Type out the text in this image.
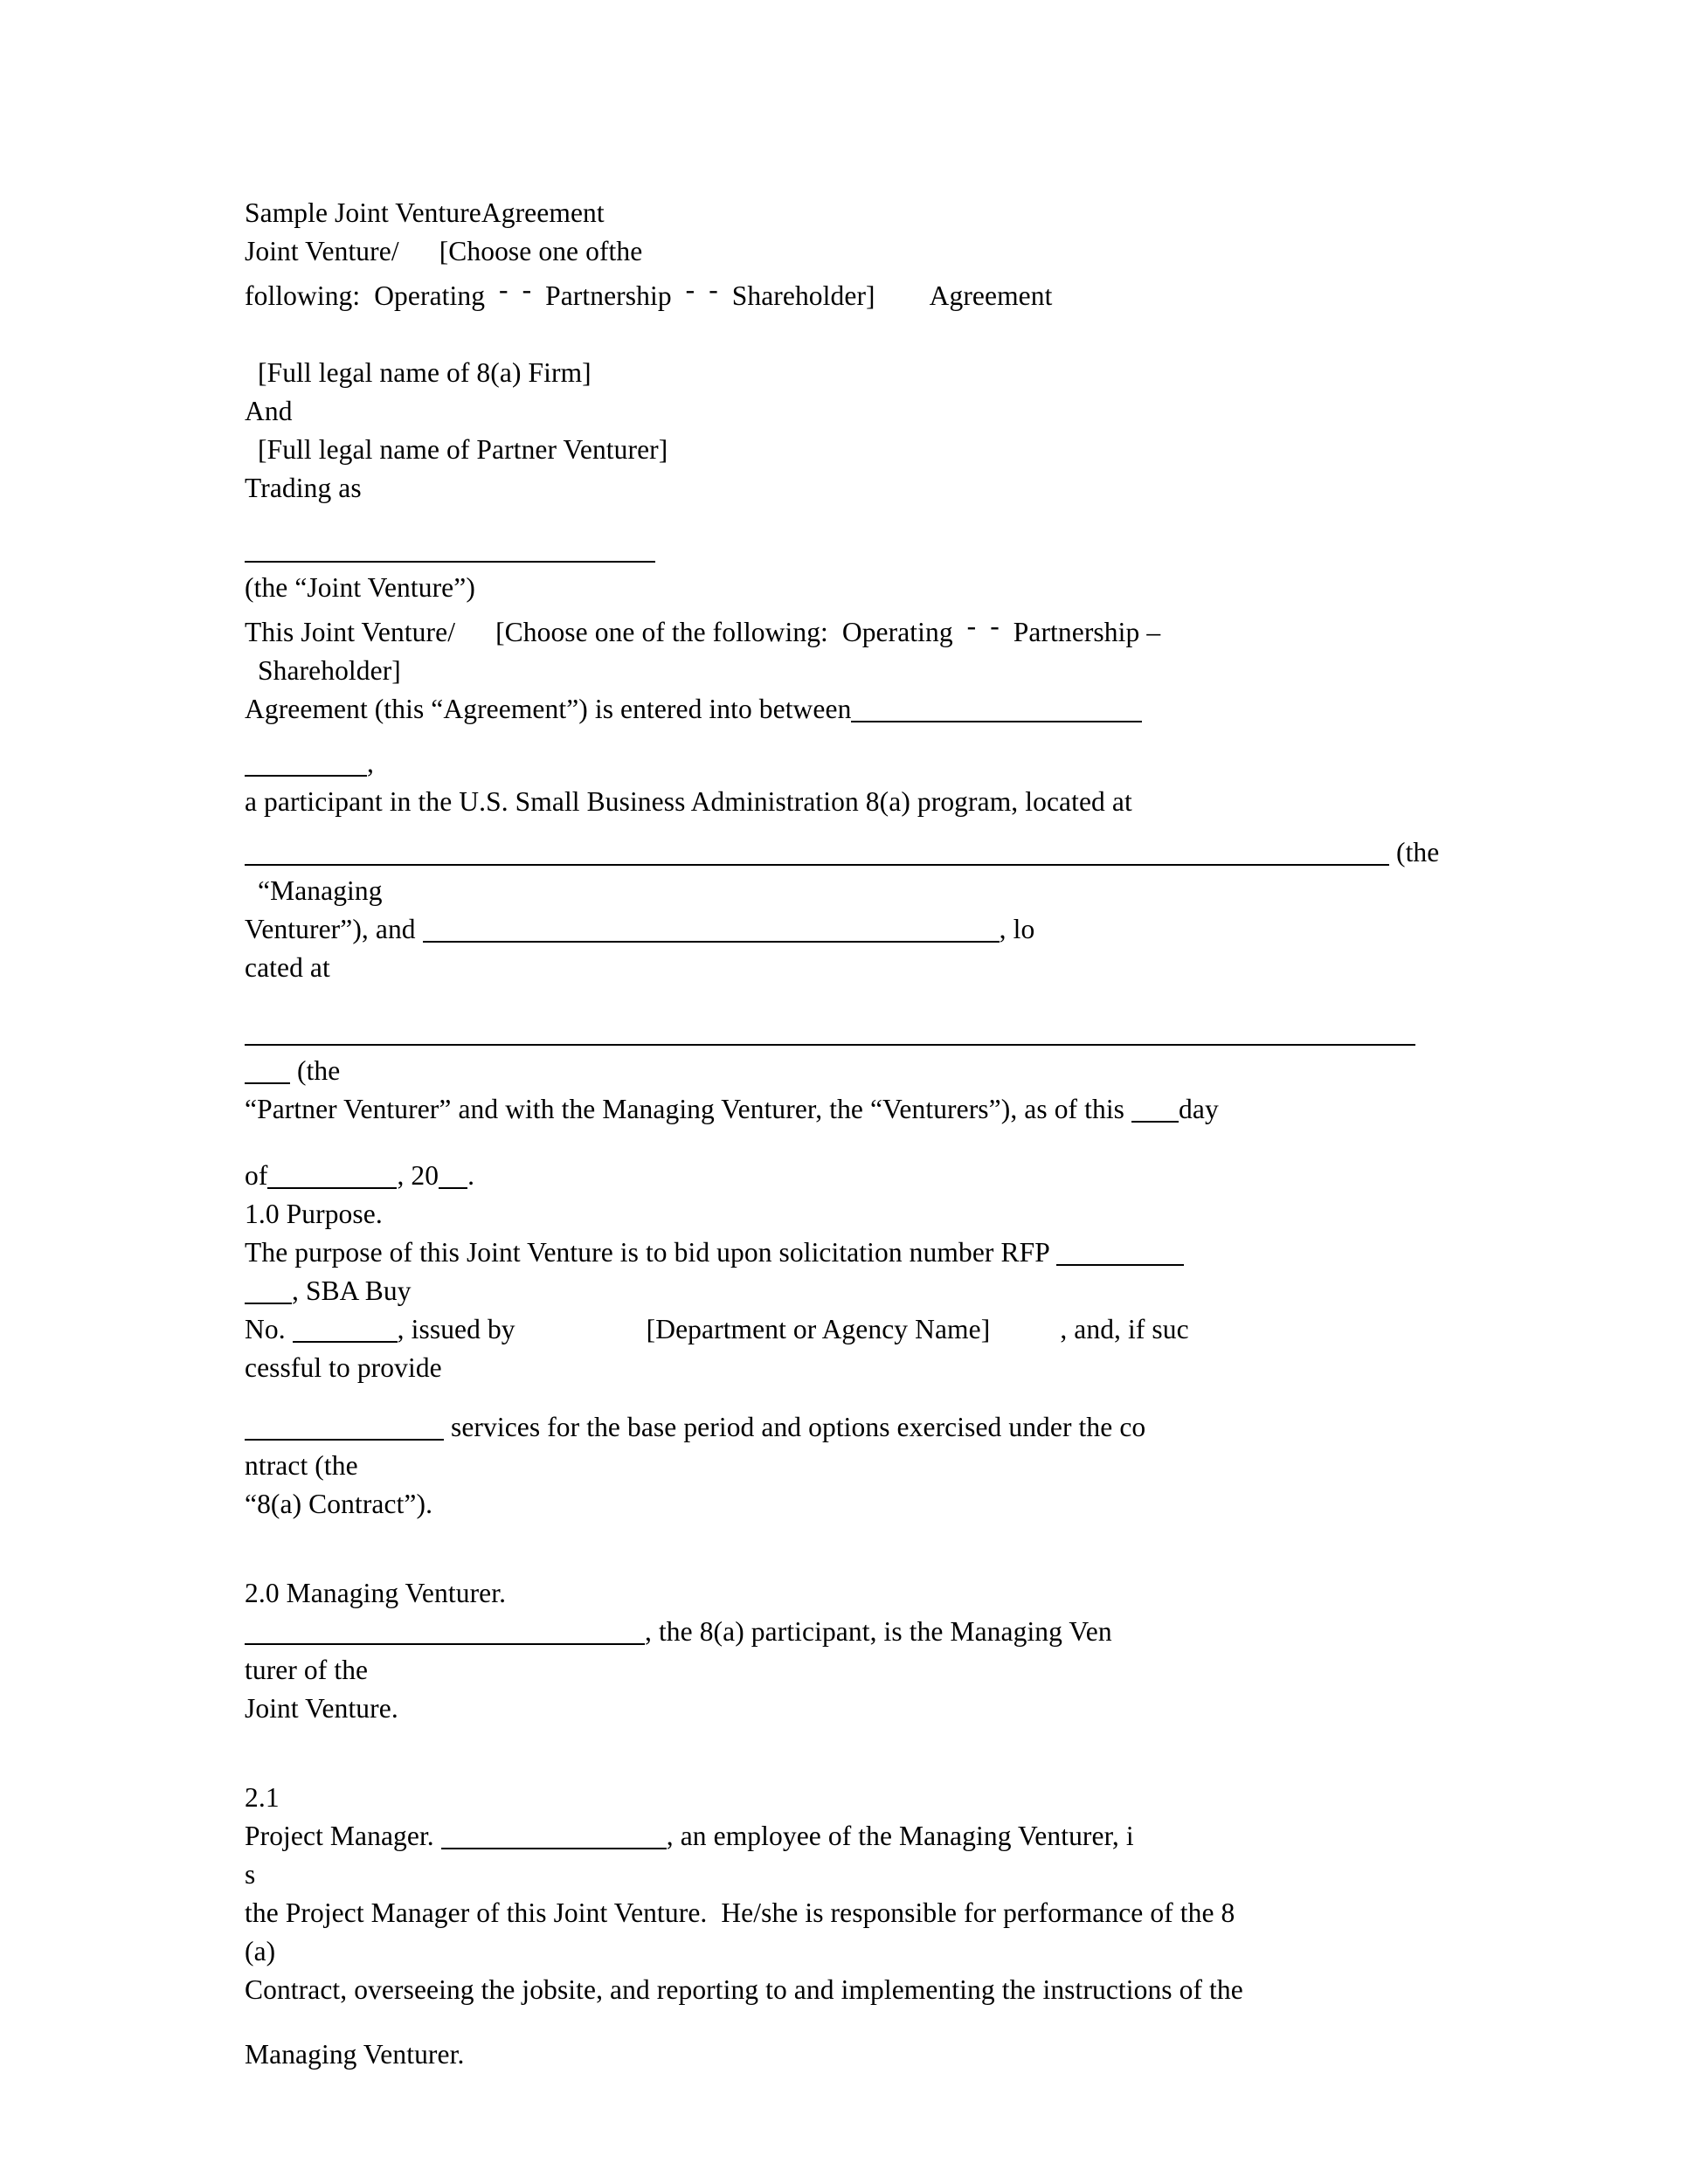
Sample Joint VentureAgreement
Joint Venture/ [Choose one ofthe
following:  Operating ‐ ‐ Partnership ‐ ‐ Shareholder] Agreement
[Full legal name of 8(a) Firm]
And
[Full legal name of Partner Venturer]
Trading as
(the “Joint Venture”)
This Joint Venture/ [Choose one of the following:  Operating ‐ ‐ Partnership –
Shareholder]
Agreement (this “Agreement”) is entered into between
,
a participant in the U.S. Small Business Administration 8(a) program, located at
(the
“Managing
Venturer”), and	, lo
cated at
(the
“Partner Venturer” and with the Managing Venturer, the “Venturers”), as of this day
of	, 20 .
1.0 Purpose.
The purpose of this Joint Venture is to bid upon solicitation number RFP
, SBA Buy
No.	, issued by	[Department or Agency Name]	, and, if suc
cessful to provide
services for the base period and options exercised under the co
ntract (the
“8(a) Contract”).
2.0 Managing Venturer.
, the 8(a) participant, is the Managing Ven
turer of the
Joint Venture.
2.1
Project Manager.	, an employee of the Managing Venturer, i
s
the Project Manager of this Joint Venture.  He/she is responsible for performance of the 8
(a)
Contract, overseeing the jobsite, and reporting to and implementing the instructions of the
Managing Venturer.
